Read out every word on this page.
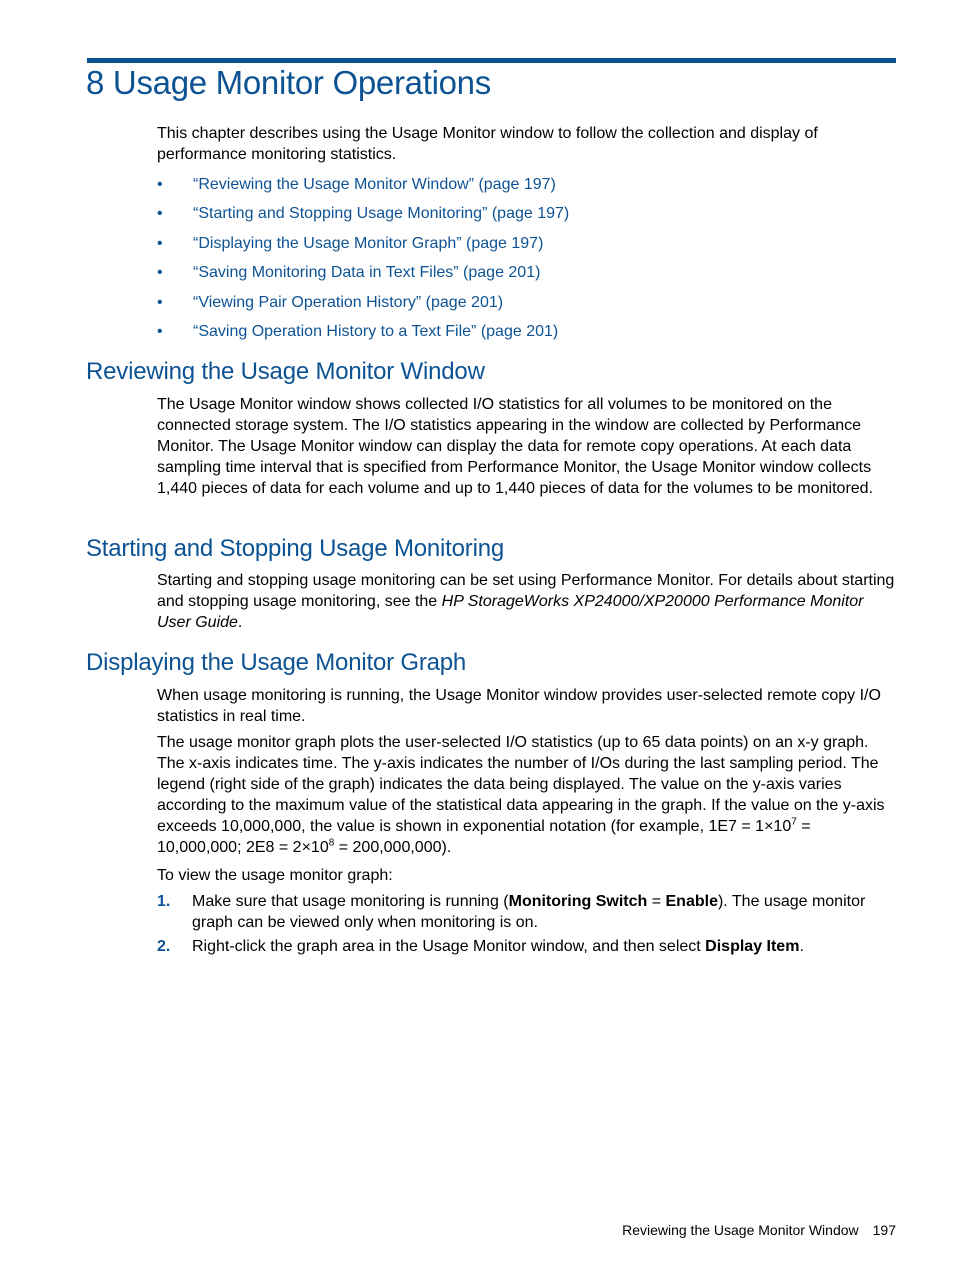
8 Usage Monitor Operations

This chapter describes using the Usage Monitor window to follow the collection and display of performance monitoring statistics.

• “Reviewing the Usage Monitor Window” (page 197)
• “Starting and Stopping Usage Monitoring” (page 197)
• “Displaying the Usage Monitor Graph” (page 197)
• “Saving Monitoring Data in Text Files” (page 201)
• “Viewing Pair Operation History” (page 201)
• “Saving Operation History to a Text File” (page 201)
Reviewing the Usage Monitor Window

The Usage Monitor window shows collected I/O statistics for all volumes to be monitored on the connected storage system. The I/O statistics appearing in the window are collected by Performance Monitor. The Usage Monitor window can display the data for remote copy operations. At each data sampling time interval that is specified from Performance Monitor, the Usage Monitor window collects 1,440 pieces of data for each volume and up to 1,440 pieces of data for the volumes to be monitored.

Starting and Stopping Usage Monitoring

Starting and stopping usage monitoring can be set using Performance Monitor. For details about starting and stopping usage monitoring, see the HP StorageWorks XP24000/XP20000 Performance Monitor User Guide.

Displaying the Usage Monitor Graph

When usage monitoring is running, the Usage Monitor window provides user-selected remote copy I/O statistics in real time.

The usage monitor graph plots the user-selected I/O statistics (up to 65 data points) on an x-y graph. The x-axis indicates time. The y-axis indicates the number of I/Os during the last sampling period. The legend (right side of the graph) indicates the data being displayed. The value on the y-axis varies according to the maximum value of the statistical data appearing in the graph. If the value on the y-axis exceeds 10,000,000, the value is shown in exponential notation (for example, $1E7 = 1\times 10^7 = 10,000,000$; $2E8 = 2\times 10^8 = 200,000,000$).

To view the usage monitor graph:

1. Make sure that usage monitoring is running (Monitoring Switch = Enable). The usage monitor graph can be viewed only when monitoring is on.
2. Right-click the graph area in the Usage Monitor window, and then select Display Item.
Reviewing the Usage Monitor Window 197
